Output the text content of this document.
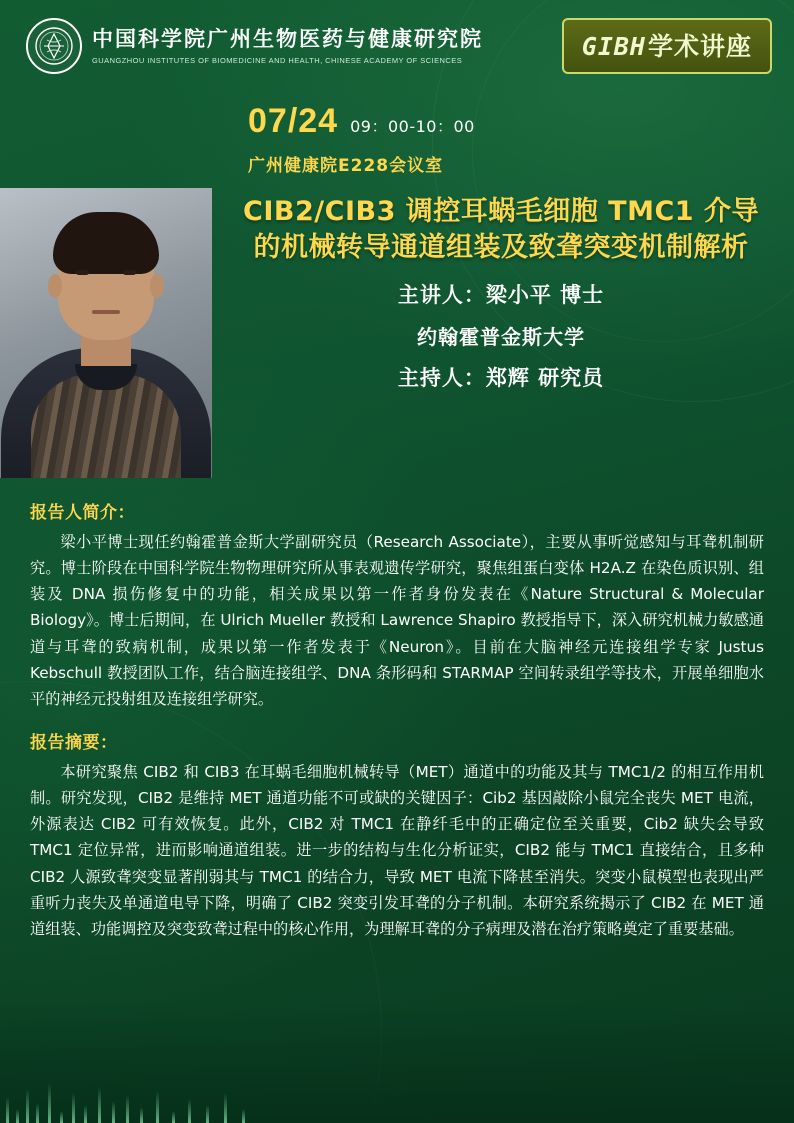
中国科学院广州生物医药与健康研究院
GUANGZHOU INSTITUTES OF BIOMEDICINE AND HEALTH, CHINESE ACADEMY OF SCIENCES	GIBH 学术讲座
07/24 09：00-10：00
广州健康院E228会议室
CIB2/CIB3 调控耳蜗毛细胞 TMC1 介导的机械转导通道组装及致聋突变机制解析
主讲人：梁小平 博士
约翰霍普金斯大学
主持人：郑辉 研究员
报告人简介：

梁小平博士现任约翰霍普金斯大学副研究员（Research Associate），主要从事听觉感知与耳聋机制研究。博士阶段在中国科学院生物物理研究所从事表观遗传学研究，聚焦组蛋白变体 H2A.Z 在染色质识别、组装及 DNA 损伤修复中的功能，相关成果以第一作者身份发表在《Nature Structural & Molecular Biology》。博士后期间，在 Ulrich Mueller 教授和 Lawrence Shapiro 教授指导下，深入研究机械力敏感通道与耳聋的致病机制，成果以第一作者发表于《Neuron》。目前在大脑神经元连接组学专家 Justus Kebschull 教授团队工作，结合脑连接组学、DNA 条形码和 STARMAP 空间转录组学等技术，开展单细胞水平的神经元投射组及连接组学研究。

报告摘要：

本研究聚焦 CIB2 和 CIB3 在耳蜗毛细胞机械转导（MET）通道中的功能及其与 TMC1/2 的相互作用机制。研究发现，CIB2 是维持 MET 通道功能不可或缺的关键因子：Cib2 基因敲除小鼠完全丧失 MET 电流，外源表达 CIB2 可有效恢复。此外，CIB2 对 TMC1 在静纤毛中的正确定位至关重要，Cib2 缺失会导致 TMC1 定位异常，进而影响通道组装。进一步的结构与生化分析证实，CIB2 能与 TMC1 直接结合，且多种 CIB2 人源致聋突变显著削弱其与 TMC1 的结合力，导致 MET 电流下降甚至消失。突变小鼠模型也表现出严重听力丧失及单通道电导下降，明确了 CIB2 突变引发耳聋的分子机制。本研究系统揭示了 CIB2 在 MET 通道组装、功能调控及突变致聋过程中的核心作用，为理解耳聋的分子病理及潜在治疗策略奠定了重要基础。
